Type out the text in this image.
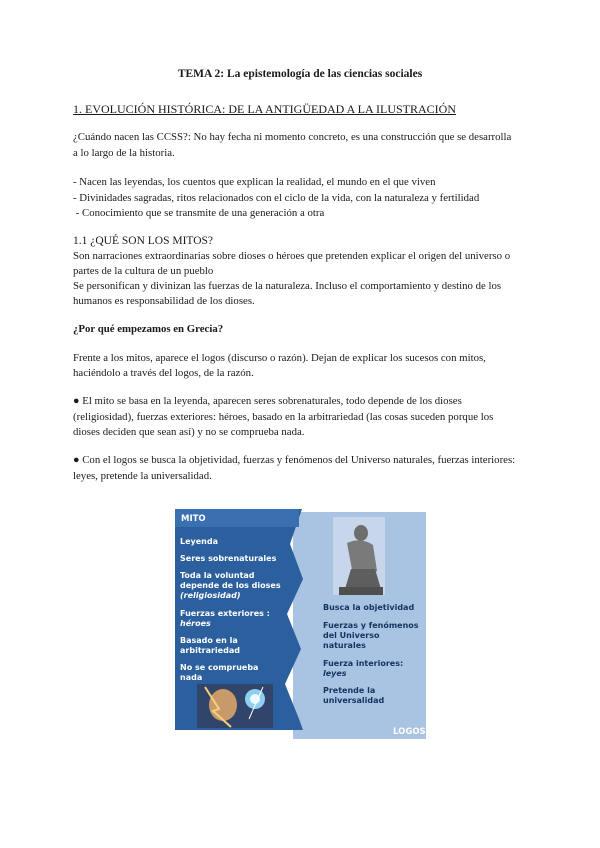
TEMA 2: La epistemología de las ciencias sociales

1. EVOLUCIÓN HISTÓRICA: DE LA ANTIGÜEDAD A LA ILUSTRACIÓN

¿Cuándo nacen las CCSS?: No hay fecha ni momento concreto, es una construcción que se desarrolla

a lo largo de la historia.

- Nacen las leyendas, los cuentos que explican la realidad, el mundo en el que viven

- Divinidades sagradas, ritos relacionados con el ciclo de la vida, con la naturaleza y fertilidad

- Conocimiento que se transmite de una generación a otra

1.1 ¿QUÉ SON LOS MITOS?

Son narraciones extraordinarias sobre dioses o héroes que pretenden explicar el origen del universo o

partes de la cultura de un pueblo

Se personifican y divinizan las fuerzas de la naturaleza. Incluso el comportamiento y destino de los

humanos es responsabilidad de los dioses.

¿Por qué empezamos en Grecia?

Frente a los mitos, aparece el logos (discurso o razón). Dejan de explicar los sucesos con mitos,

haciéndolo a través del logos, de la razón.

● El mito se basa en la leyenda, aparecen seres sobrenaturales, todo depende de los dioses

(religiosidad), fuerzas exteriores: héroes, basado en la arbitrariedad (las cosas suceden porque los

dioses deciden que sean así) y no se comprueba nada.

● Con el logos se busca la objetividad, fuerzas y fenómenos del Universo naturales, fuerzas interiores:

leyes, pretende la universalidad.

MITO

Leyenda

Seres sobrenaturales

Toda la voluntad

depende de los dioses

(religiosidad)

Fuerzas exteriores :

héroes

Basado en la

arbitrariedad

No se comprueba

nada

Busca la objetividad

Fuerzas y fenómenos

del Universo

naturales

Fuerza interiores:

leyes

Pretende la

universalidad

LOGOS
